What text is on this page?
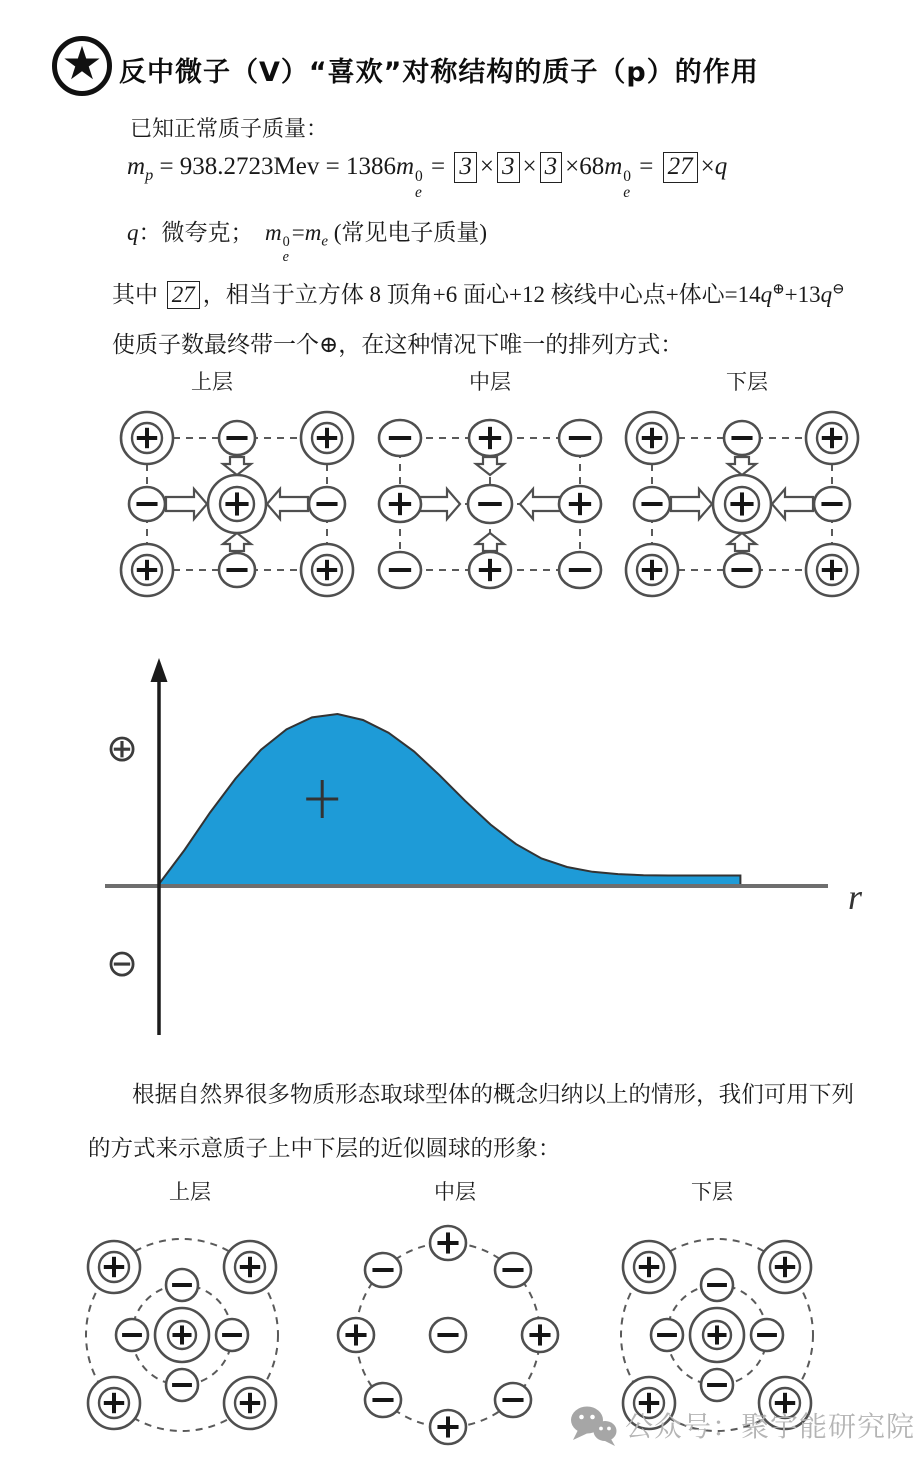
★ 反中微子（V）“喜欢”对称结构的质子（p）的作用

已知正常质子质量：

$m_p = 938.2723Mev = 1386m$ 0
e
= 3 × 3 × 3 ×68m 0
e
= 27 ×q
q：微夸克；  m 0
e
$=m_e$ (常见电子质量)
其中 27 ，相当于立方体 8 顶角+6 面心+12 核线中心点+体心=14q⊕+13q⊖

使质子数最终带一个⊕，在这种情况下唯一的排列方式：

上层	中层	下层
⊕
⊖
r

根据自然界很多物质形态取球型体的概念归纳以上的情形，我们可用下列的方式来示意质子上中下层的近似圆球的形象：

上层	中层	下层
公众号：聚宇能研究院
